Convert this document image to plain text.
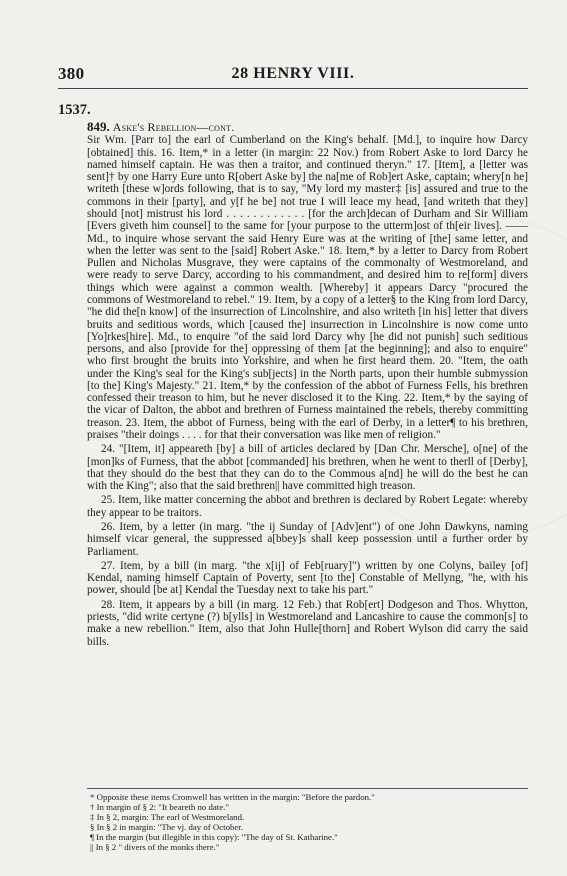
380	28 HENRY VIII.
1537.
849. Aske's Rebellion—cont.

Sir Wm. [Parr to] the earl of Cumberland on the King's behalf. [Md.], to inquire how Darcy [obtained] this. 16. Item,* in a letter (in margin: 22 Nov.) from Robert Aske to lord Darcy he named himself captain. He was then a traitor, and continued theryn." 17. [Item], a [letter was sent]† by one Harry Eure unto R[obert Aske by] the na[me of Rob]ert Aske, captain; whery[n he] writeth [these w]ords following, that is to say, "My lord my master‡ [is] assured and true to the commons in their [party], and y[f he be] not true I will leace my head, [and writeth that they] should [not] mistrust his lord . . . . . . . . . . . . [for the arch]decan of Durham and Sir William [Evers giveth him counsel] to the same for [your purpose to the utterm]ost of th[eir lives]. —— Md., to inquire whose servant the said Henry Eure was at the writing of [the] same letter, and when the letter was sent to the [said] Robert Aske." 18. Item,* by a letter to Darcy from Robert Pullen and Nicholas Musgrave, they were captains of the commonalty of Westmoreland, and were ready to serve Darcy, according to his commandment, and desired him to re[form] divers things which were against a common wealth. [Whereby] it appears Darcy "procured the commons of Westmoreland to rebel." 19. Item, by a copy of a letter§ to the King from lord Darcy, "he did the[n know] of the insurrection of Lincolnshire, and also writeth [in his] letter that divers bruits and seditious words, which [caused the] insurrection in Lincolnshire is now come unto [Yo]rkes[hire]. Md., to enquire "of the said lord Darcy why [he did not punish] such seditious persons, and also [provide for the] oppressing of them [at the beginning]; and also to enquire" who first brought the bruits into Yorkshire, and when he first heard them. 20. "Item, the oath under the King's seal for the King's sub[jects] in the North parts, upon their humble submyssion [to the] King's Majesty." 21. Item,* by the confession of the abbot of Furness Fells, his brethren confessed their treason to him, but he never disclosed it to the King. 22. Item,* by the saying of the vicar of Dalton, the abbot and brethren of Furness maintained the rebels, thereby committing treason. 23. Item, the abbot of Furness, being with the earl of Derby, in a letter¶ to his brethren, praises "their doings . . . . for that their conversation was like men of religion."

24. "[Item, it] appeareth [by] a bill of articles declared by [Dan Chr. Mersche], o[ne] of the [mon]ks of Furness, that the abbot [commanded] his brethren, when he went to therll of [Derby], that they should do the best that they can do to the Commous a[nd] he will do the best he can with the King"; also that the said brethren|| have committed high treason.

25. Item, like matter concerning the abbot and brethren is declared by Robert Legate: whereby they appear to be traitors.

26. Item, by a letter (in marg. "the ij Sunday of [Adv]ent") of one John Dawkyns, naming himself vicar general, the suppressed a[bbey]s shall keep possession until a further order by Parliament.

27. Item, by a bill (in marg. "the x[ij] of Feb[ruary]") written by one Colyns, bailey [of] Kendal, naming himself Captain of Poverty, sent [to the] Constable of Mellyng, "he, with his power, should [be at] Kendal the Tuesday next to take his part."

28. Item, it appears by a bill (in marg. 12 Feb.) that Rob[ert] Dodgeson and Thos. Whytton, priests, "did write certyne (?) b[ylls] in Westmoreland and Lancashire to cause the common[s] to make a new rebellion." Item, also that John Hulle[thorn] and Robert Wylson did carry the said bills.

* Opposite these items Cromwell has written in the margin: "Before the pardon."
† In margin of § 2: "It beareth no date."
‡ In § 2, margin: The earl of Westmoreland.
§ In § 2 in margin: "The vj. day of October.
¶ In the margin (but illegible in this copy): "The day of St. Katharine."
|| In § 2 " divers of the monks there."
